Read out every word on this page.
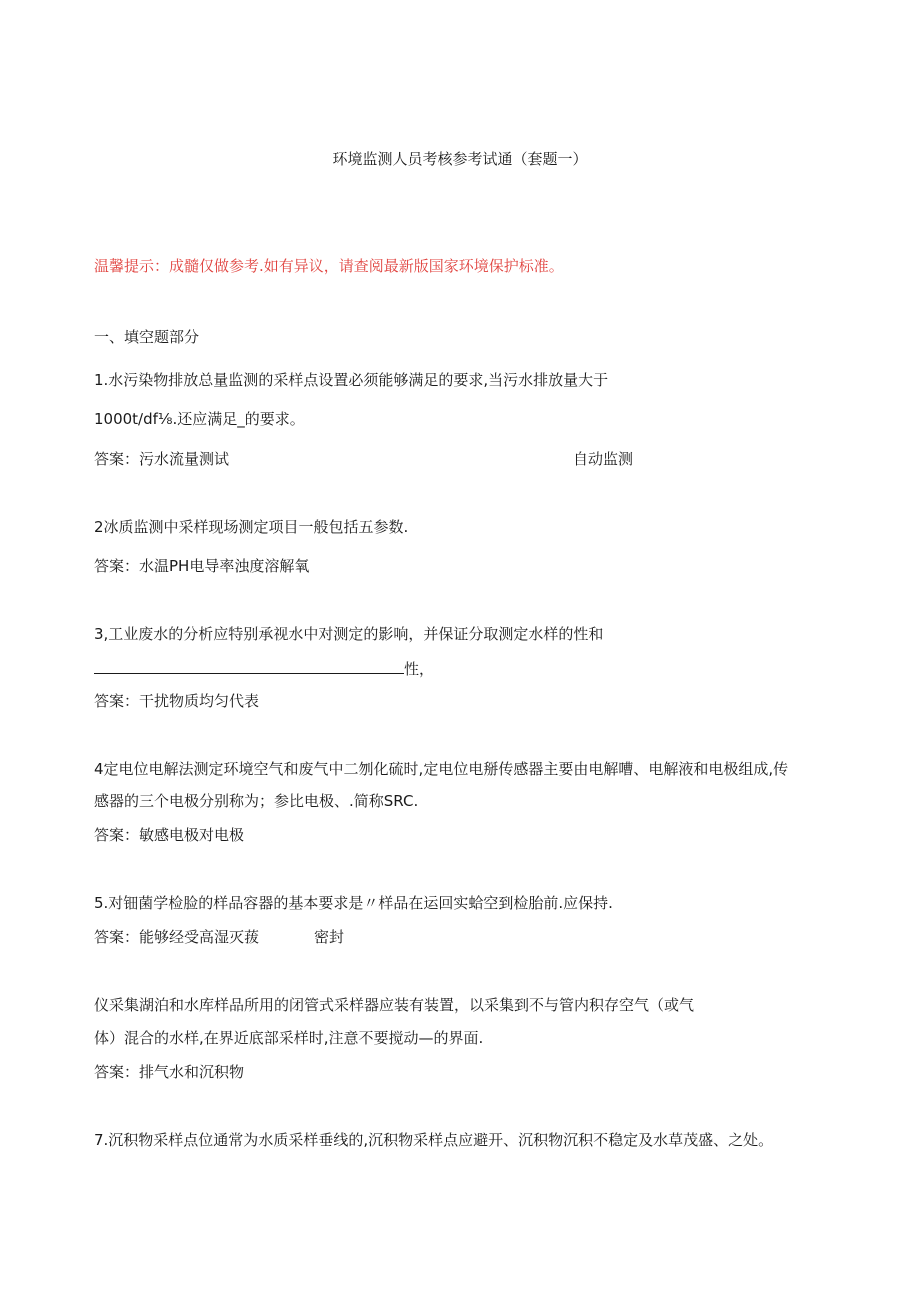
环境监测人员考核参考试通（套题一）
温馨提示：成髓仅做参考.如有异议，请查阅最新版国家环境保护标准。
一、填空题部分
1.水污染物排放总量监测的采样点设置必须能够满足的要求,当污水排放量大于
1000t∕df⅛.还应满足_的要求。
答案：污水流量测试	自动监测
2冰质监测中采样现场测定项目一般包括五参数.
答案：水温PH电导率浊度溶解氧
3,工业废水的分析应特别承视水中对测定的影响，并保证分取测定水样的性和
性，
答案：干扰物质均匀代表
4定电位电解法测定环境空气和废气中二刎化硫时,定电位电掰传感器主要由电解嘈、电解液和电极组成,传
感器的三个电极分别称为；参比电极、.简称SRC.
答案：敏感电极对电极
5.对钿菌学检脸的样品容器的基本要求是〃样品在运回实蛤空到检胎前.应保持.
答案：能够经受高湿灭菝	密封
仪采集湖泊和水库样品所用的闭管式采样器应装有装置，以采集到不与管内积存空气（或气
体）混合的水样,在界近底部采样时,注意不要搅动—的界面.
答案：排气水和沉积物
7.沉积物采样点位通常为水质采样垂线的,沉积物采样点应避开、沉积物沉积不稳定及水草茂盛、之处。
